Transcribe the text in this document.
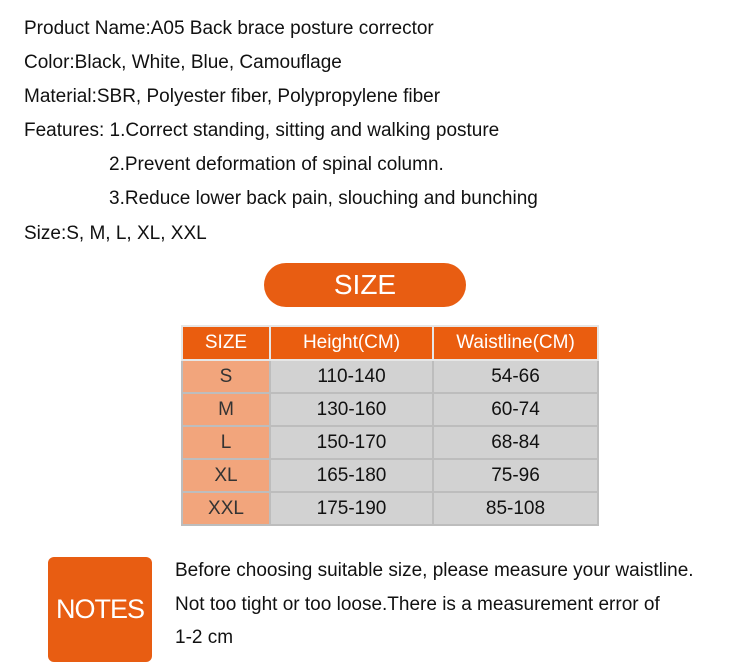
Product Name:A05 Back brace posture corrector
Color:Black, White, Blue, Camouflage
Material:SBR, Polyester fiber, Polypropylene fiber
Features: 1.Correct standing, sitting and walking posture
2.Prevent deformation of spinal column.
3.Reduce lower back pain, slouching and bunching
Size:S, M, L, XL, XXL
SIZE
SIZE	Height(CM)	Waistline(CM)
S	110-140	54-66
M	130-160	60-74
L	150-170	68-84
XL	165-180	75-96
XXL	175-190	85-108
NOTES
Before choosing suitable size, please measure your waistline.
Not too tight or too loose.There is a measurement error of
1-2 cm
